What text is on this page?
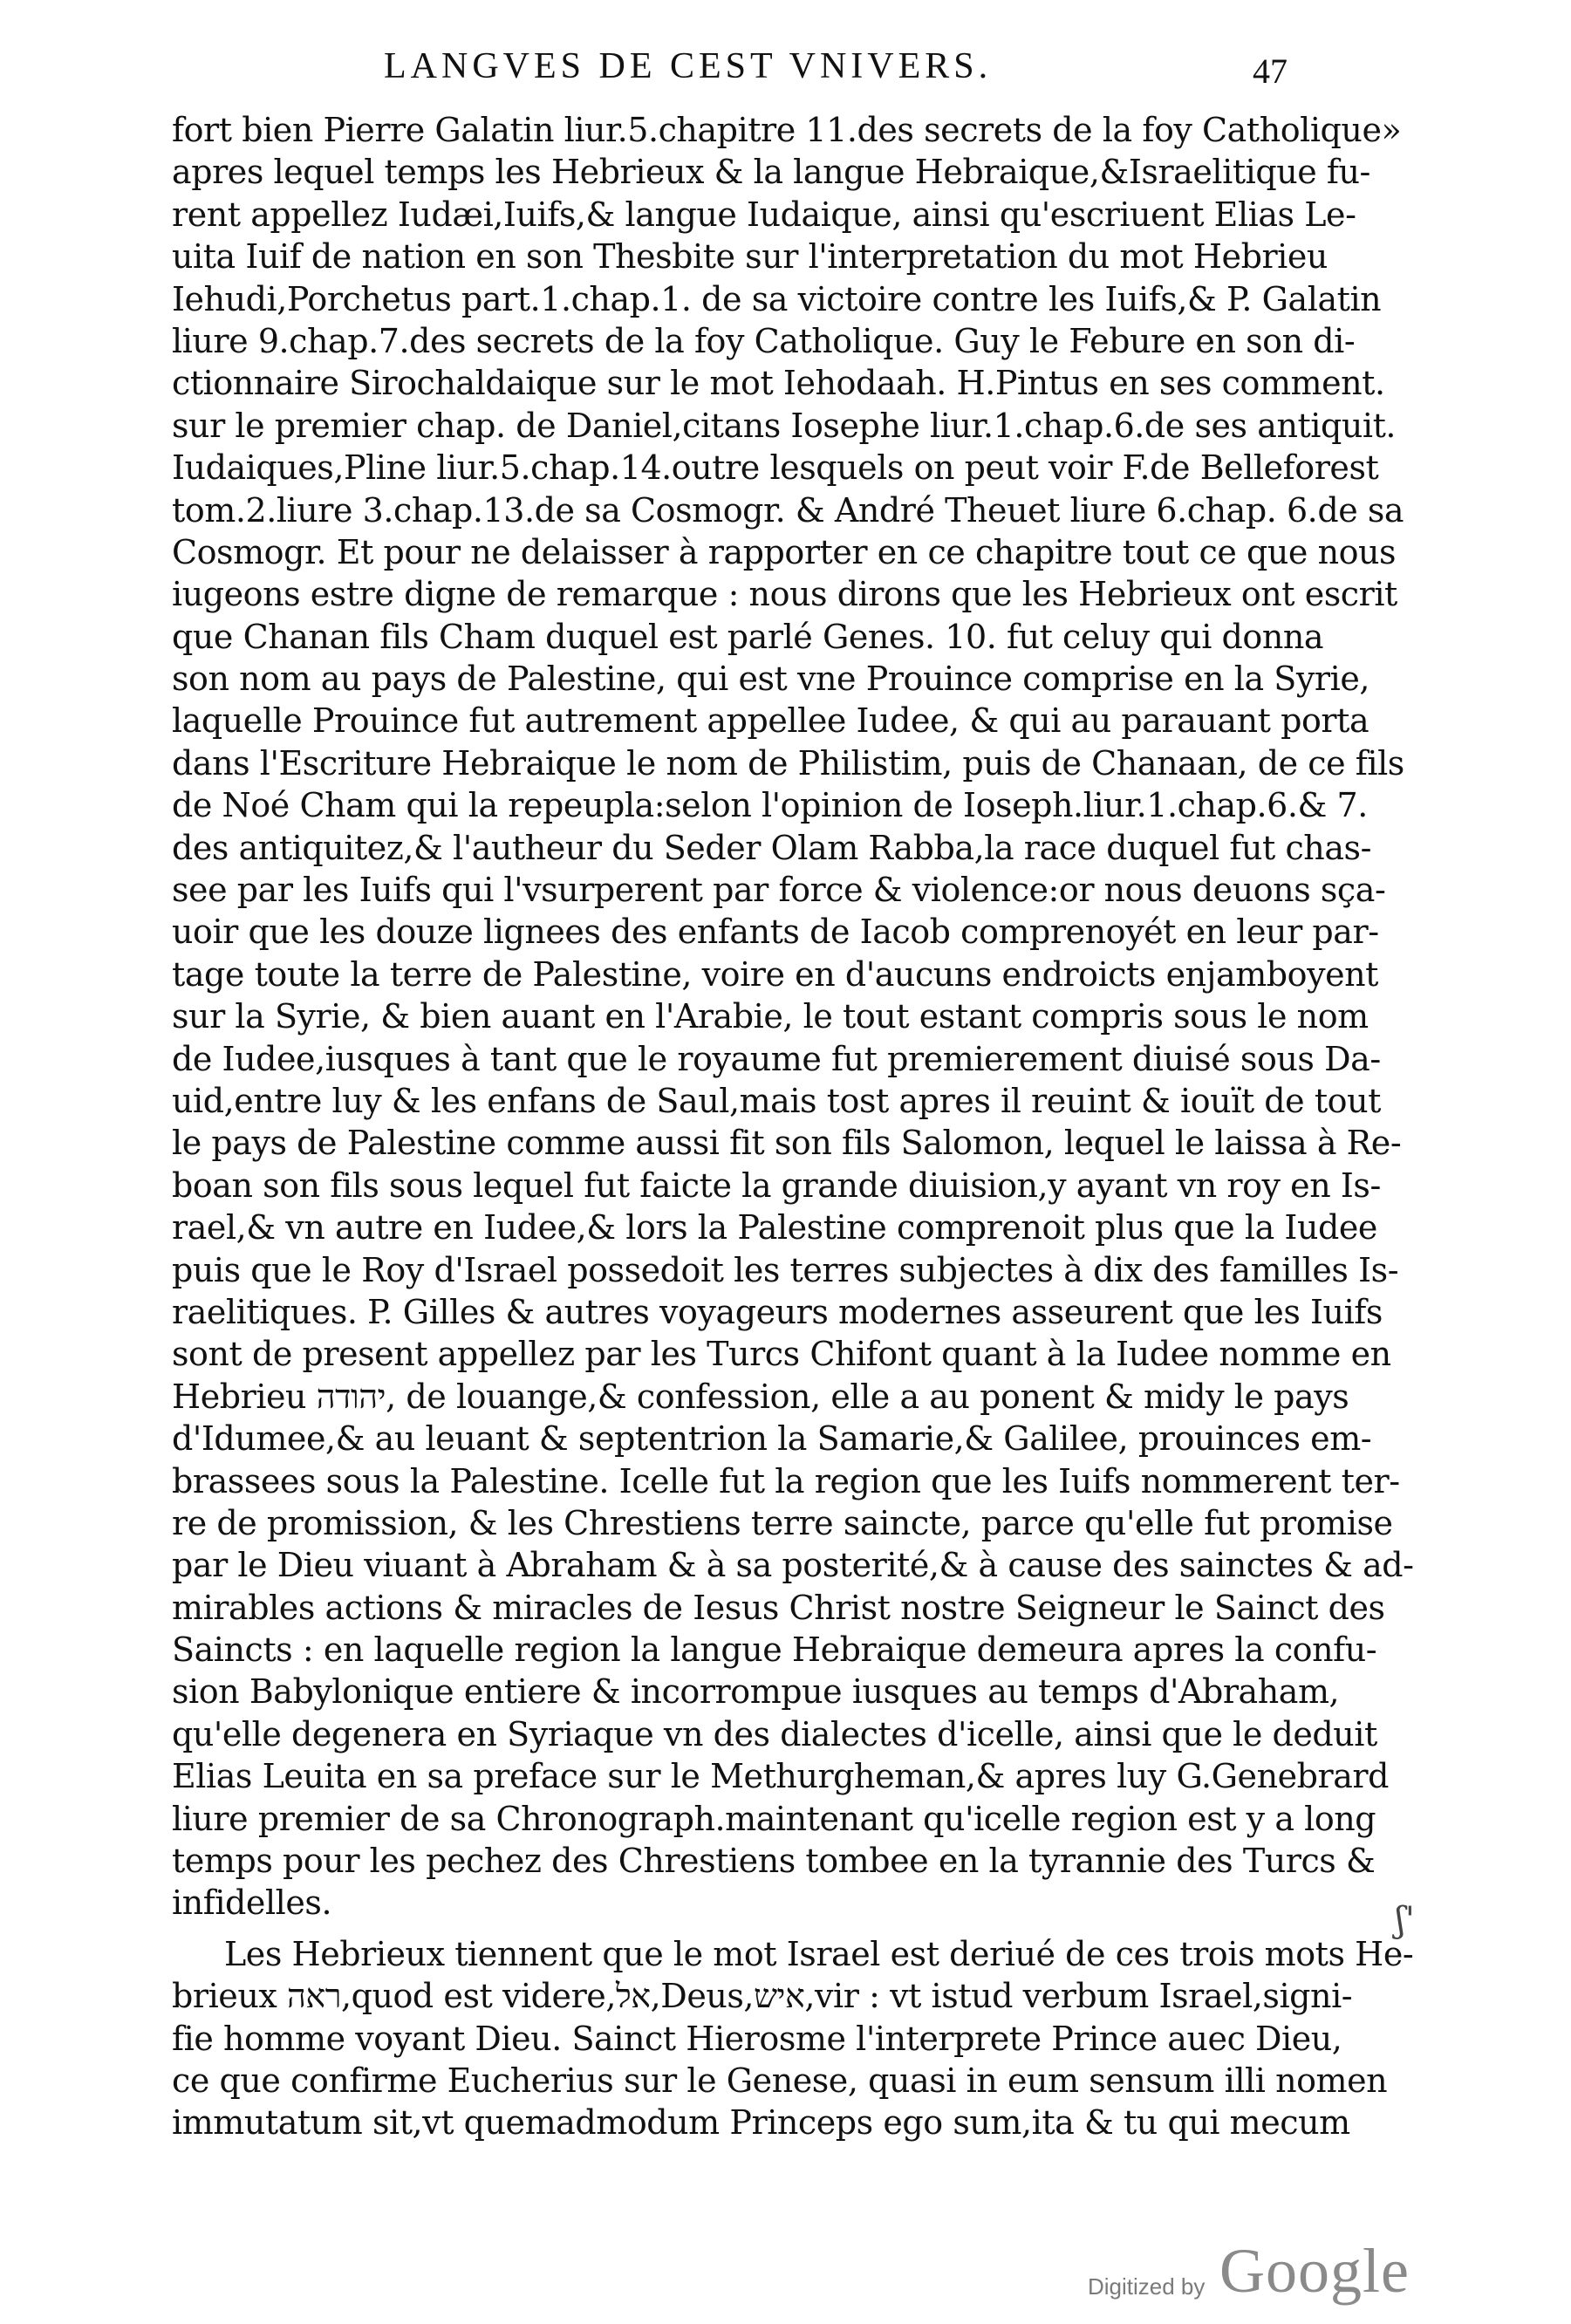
LANGVES DE CEST VNIVERS.	47
fort bien Pierre Galatin liur.5.chapitre 11.des secrets de la foy Catholique»
apres lequel temps les Hebrieux & la langue Hebraique,&Israelitique fu-
rent appellez Iudæi,Iuifs,& langue Iudaique, ainsi qu'escriuent Elias Le-
uita Iuif de nation en son Thesbite sur l'interpretation du mot Hebrieu
Iehudi,Porchetus part.1.chap.1. de sa victoire contre les Iuifs,& P. Galatin
liure 9.chap.7.des secrets de la foy Catholique. Guy le Febure en son di-
ctionnaire Sirochaldaique sur le mot Iehodaah. H.Pintus en ses comment.
sur le premier chap. de Daniel,citans Iosephe liur.1.chap.6.de ses antiquit.
Iudaiques,Pline liur.5.chap.14.outre lesquels on peut voir F.de Belleforest
tom.2.liure 3.chap.13.de sa Cosmogr. & André Theuet liure 6.chap. 6.de sa
Cosmogr. Et pour ne delaisser à rapporter en ce chapitre tout ce que nous
iugeons estre digne de remarque : nous dirons que les Hebrieux ont escrit
que Chanan fils Cham duquel est parlé Genes. 10. fut celuy qui donna
son nom au pays de Palestine, qui est vne Prouince comprise en la Syrie,
laquelle Prouince fut autrement appellee Iudee, & qui au parauant porta
dans l'Escriture Hebraique le nom de Philistim, puis de Chanaan, de ce fils
de Noé Cham qui la repeupla:selon l'opinion de Ioseph.liur.1.chap.6.& 7.
des antiquitez,& l'autheur du Seder Olam Rabba,la race duquel fut chas-
see par les Iuifs qui l'vsurperent par force & violence:or nous deuons sça-
uoir que les douze lignees des enfants de Iacob comprenoyét en leur par-
tage toute la terre de Palestine, voire en d'aucuns endroicts enjamboyent
sur la Syrie, & bien auant en l'Arabie, le tout estant compris sous le nom
de Iudee,iusques à tant que le royaume fut premierement diuisé sous Da-
uid,entre luy & les enfans de Saul,mais tost apres il reuint & iouït de tout
le pays de Palestine comme aussi fit son fils Salomon, lequel le laissa à Re-
boan son fils sous lequel fut faicte la grande diuision,y ayant vn roy en Is-
rael,& vn autre en Iudee,& lors la Palestine comprenoit plus que la Iudee
puis que le Roy d'Israel possedoit les terres subjectes à dix des familles Is-
raelitiques. P. Gilles & autres voyageurs modernes asseurent que les Iuifs
sont de present appellez par les Turcs Chifont quant à la Iudee nomme en
Hebrieu יהודה, de louange,& confession, elle a au ponent & midy le pays
d'Idumee,& au leuant & septentrion la Samarie,& Galilee, prouinces em-
brassees sous la Palestine. Icelle fut la region que les Iuifs nommerent ter-
re de promission, & les Chrestiens terre saincte, parce qu'elle fut promise
par le Dieu viuant à Abraham & à sa posterité,& à cause des sainctes & ad-
mirables actions & miracles de Iesus Christ nostre Seigneur le Sainct des
Saincts : en laquelle region la langue Hebraique demeura apres la confu-
sion Babylonique entiere & incorrompue iusques au temps d'Abraham,
qu'elle degenera en Syriaque vn des dialectes d'icelle, ainsi que le deduit
Elias Leuita en sa preface sur le Methurgheman,& apres luy G.Genebrard
liure premier de sa Chronograph.maintenant qu'icelle region est y a long
temps pour les pechez des Chrestiens tombee en la tyrannie des Turcs &
infidelles.
Les Hebrieux tiennent que le mot Israel est deriué de ces trois mots He-
brieux ראה,quod est videre,אל,Deus,איש,vir : vt istud verbum Israel,signi-
fie homme voyant Dieu. Sainct Hierosme l'interprete Prince auec Dieu,
ce que confirme Eucherius sur le Genese, quasi in eum sensum illi nomen
immutatum sit,vt quemadmodum Princeps ego sum,ita & tu qui mecum
ʃ'
Digitized by Google
